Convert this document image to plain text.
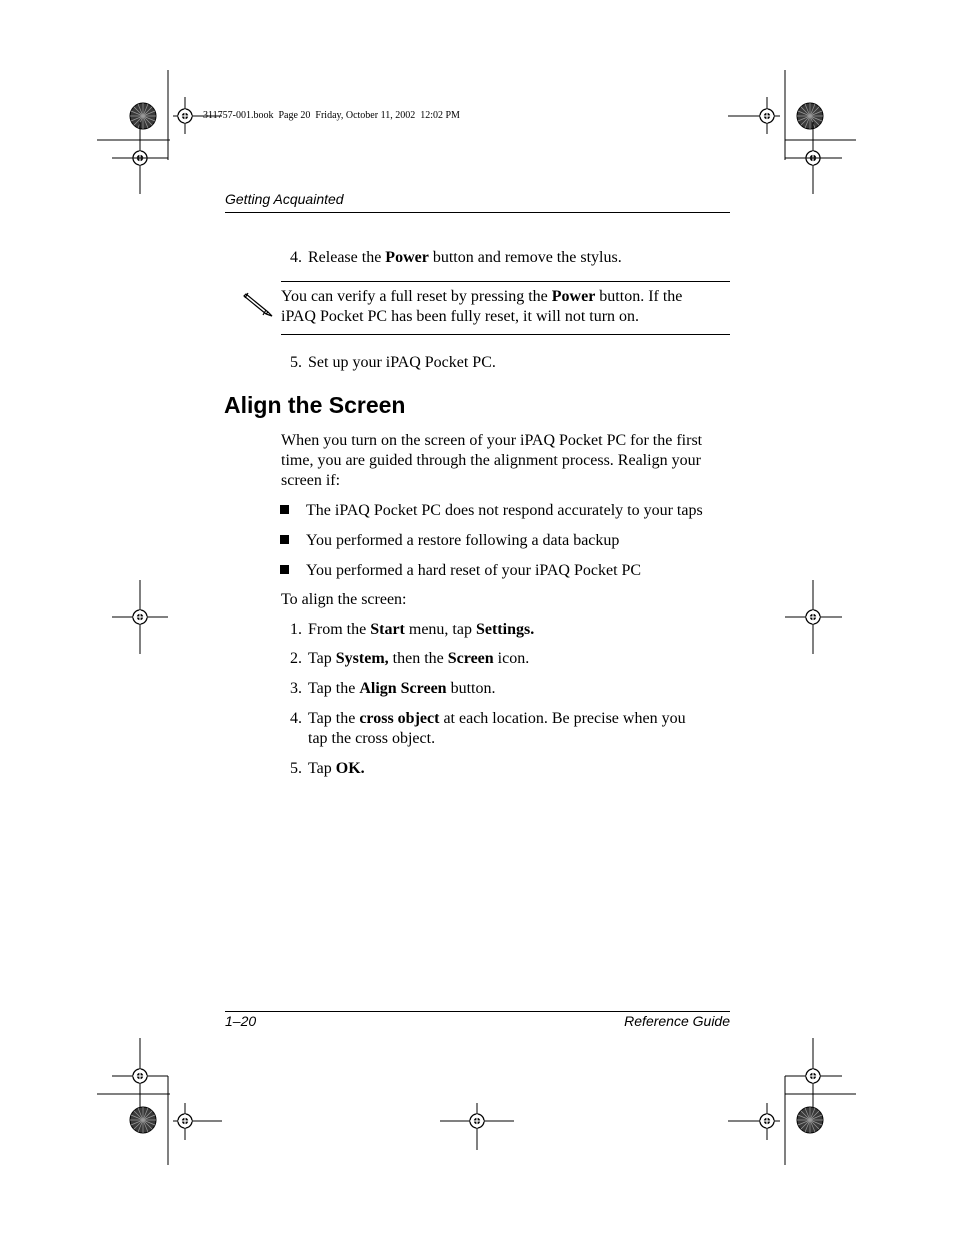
311757-001.book  Page 20  Friday, October 11, 2002  12:02 PM
Getting Acquainted
4. Release the Power button and remove the stylus.
You can verify a full reset by pressing the Power button. If the
iPAQ Pocket PC has been fully reset, it will not turn on.
5. Set up your iPAQ Pocket PC.
Align the Screen
When you turn on the screen of your iPAQ Pocket PC for the first
time, you are guided through the alignment process. Realign your
screen if:
The iPAQ Pocket PC does not respond accurately to your taps
You performed a restore following a data backup
You performed a hard reset of your iPAQ Pocket PC
To align the screen:
1. From the Start menu, tap Settings.
2. Tap System, then the Screen icon.
3. Tap the Align Screen button.
4. Tap the cross object at each location. Be precise when you
tap the cross object.
5. Tap OK.
1–20	Reference Guide
